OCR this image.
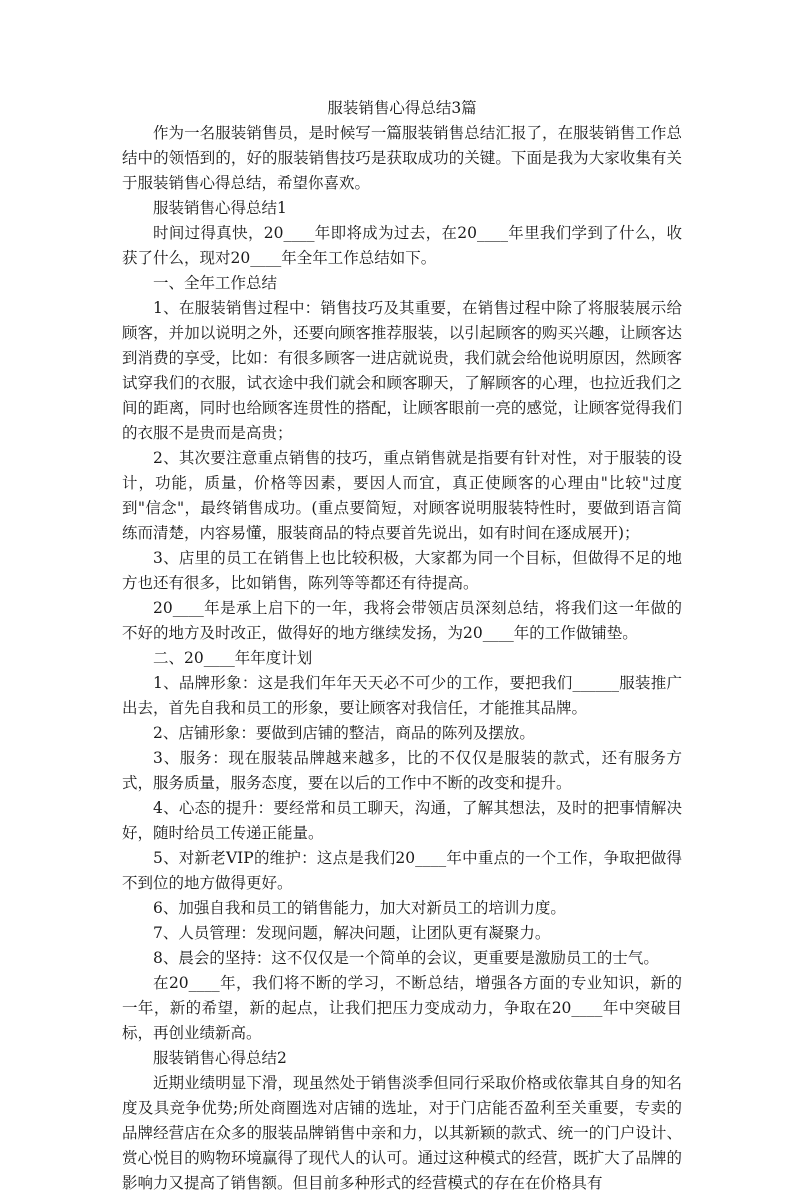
服装销售心得总结3篇

作为一名服装销售员，是时候写一篇服装销售总结汇报了，在服装销售工作总结中的领悟到的，好的服装销售技巧是获取成功的关键。下面是我为大家收集有关于服装销售心得总结，希望你喜欢。

服装销售心得总结1

时间过得真快，20____年即将成为过去，在20____年里我们学到了什么，收获了什么，现对20____年全年工作总结如下。

一、全年工作总结

1、在服装销售过程中：销售技巧及其重要，在销售过程中除了将服装展示给顾客，并加以说明之外，还要向顾客推荐服装，以引起顾客的购买兴趣，让顾客达到消费的享受，比如：有很多顾客一进店就说贵，我们就会给他说明原因，然顾客试穿我们的衣服，试衣途中我们就会和顾客聊天，了解顾客的心理，也拉近我们之间的距离，同时也给顾客连贯性的搭配，让顾客眼前一亮的感觉，让顾客觉得我们的衣服不是贵而是高贵；

2、其次要注意重点销售的技巧，重点销售就是指要有针对性，对于服装的设计，功能，质量，价格等因素，要因人而宜，真正使顾客的心理由"比较"过度到"信念"，最终销售成功。(重点要简短，对顾客说明服装特性时，要做到语言简练而清楚，内容易懂，服装商品的特点要首先说出，如有时间在逐成展开)；

3、店里的员工在销售上也比较积极，大家都为同一个目标，但做得不足的地方也还有很多，比如销售，陈列等等都还有待提高。

20____年是承上启下的一年，我将会带领店员深刻总结，将我们这一年做的不好的地方及时改正，做得好的地方继续发扬，为20____年的工作做铺垫。

二、20____年年度计划

1、品牌形象：这是我们年年天天必不可少的工作，要把我们______服装推广出去，首先自我和员工的形象，要让顾客对我信任，才能推其品牌。

2、店铺形象：要做到店铺的整洁，商品的陈列及摆放。

3、服务：现在服装品牌越来越多，比的不仅仅是服装的款式，还有服务方式，服务质量，服务态度，要在以后的工作中不断的改变和提升。

4、心态的提升：要经常和员工聊天，沟通，了解其想法，及时的把事情解决好，随时给员工传递正能量。

5、对新老VIP的维护：这点是我们20____年中重点的一个工作，争取把做得不到位的地方做得更好。

6、加强自我和员工的销售能力，加大对新员工的培训力度。

7、人员管理：发现问题，解决问题，让团队更有凝聚力。

8、晨会的坚持：这不仅仅是一个简单的会议，更重要是激励员工的士气。

在20____年，我们将不断的学习，不断总结，增强各方面的专业知识，新的一年，新的希望，新的起点，让我们把压力变成动力，争取在20____年中突破目标，再创业绩新高。

服装销售心得总结2

近期业绩明显下滑，现虽然处于销售淡季但同行采取价格或依靠其自身的知名度及具竞争优势;所处商圈选对店铺的选址，对于门店能否盈利至关重要，专卖的品牌经营店在众多的服装品牌销售中亲和力，以其新颖的款式、统一的门户设计、赏心悦目的购物环境赢得了现代人的认可。通过这种模式的经营，既扩大了品牌的影响力又提高了销售额。但目前多种形式的经营模式的存在在价格具有
